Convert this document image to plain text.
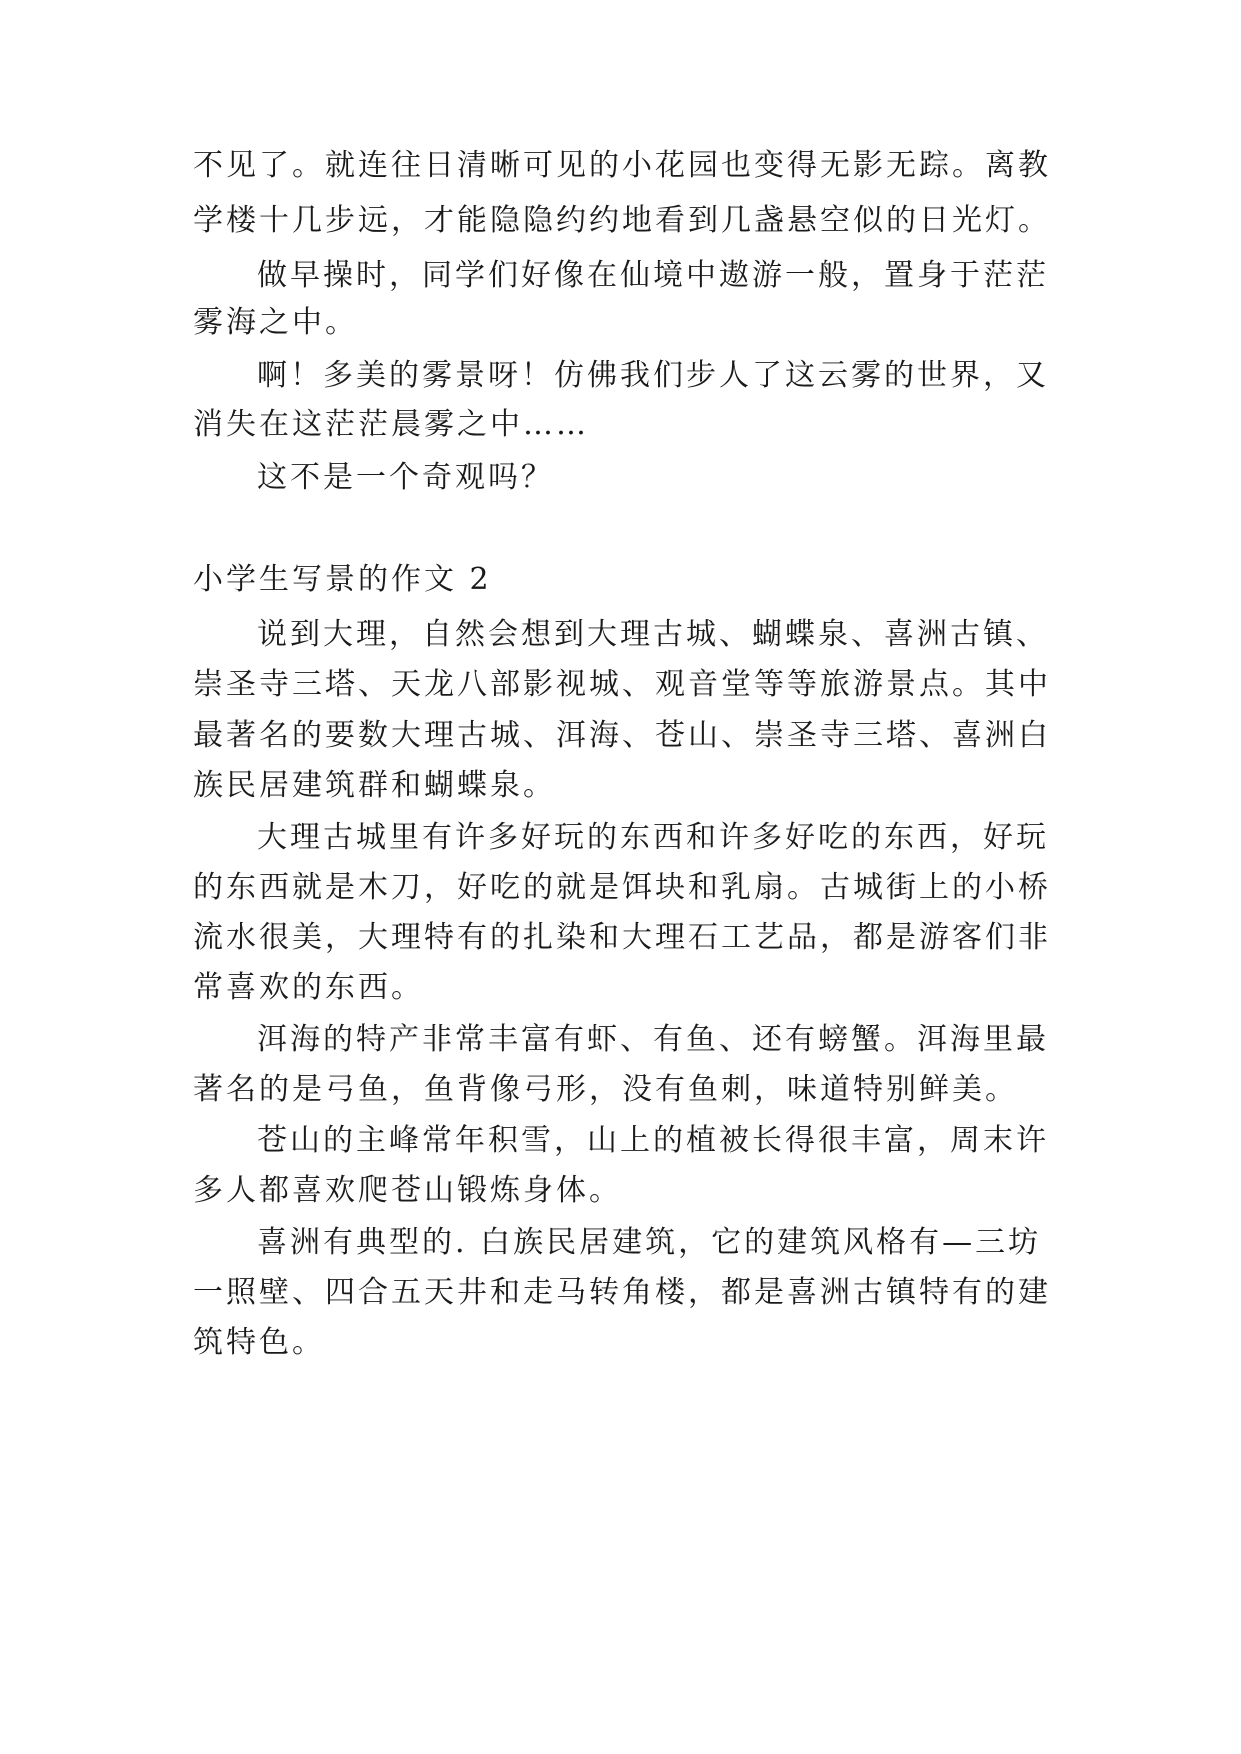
不见了。就连往日清晰可见的小花园也变得无影无踪。离教
学楼十几步远，才能隐隐约约地看到几盏悬空似的日光灯。
做早操时，同学们好像在仙境中遨游一般，置身于茫茫
雾海之中。
啊！多美的雾景呀！仿佛我们步人了这云雾的世界，又
消失在这茫茫晨雾之中……
这不是一个奇观吗？
小学生写景的作文 2
说到大理，自然会想到大理古城、蝴蝶泉、喜洲古镇、
崇圣寺三塔、天龙八部影视城、观音堂等等旅游景点。其中
最著名的要数大理古城、洱海、苍山、崇圣寺三塔、喜洲白
族民居建筑群和蝴蝶泉。
大理古城里有许多好玩的东西和许多好吃的东西，好玩
的东西就是木刀，好吃的就是饵块和乳扇。古城街上的小桥
流水很美，大理特有的扎染和大理石工艺品，都是游客们非
常喜欢的东西。
洱海的特产非常丰富有虾、有鱼、还有螃蟹。洱海里最
著名的是弓鱼，鱼背像弓形，没有鱼刺，味道特别鲜美。
苍山的主峰常年积雪，山上的植被长得很丰富，周末许
多人都喜欢爬苍山锻炼身体。
喜洲有典型的. 白族民居建筑，它的建筑风格有—三坊
一照壁、四合五天井和走马转角楼，都是喜洲古镇特有的建
筑特色。
